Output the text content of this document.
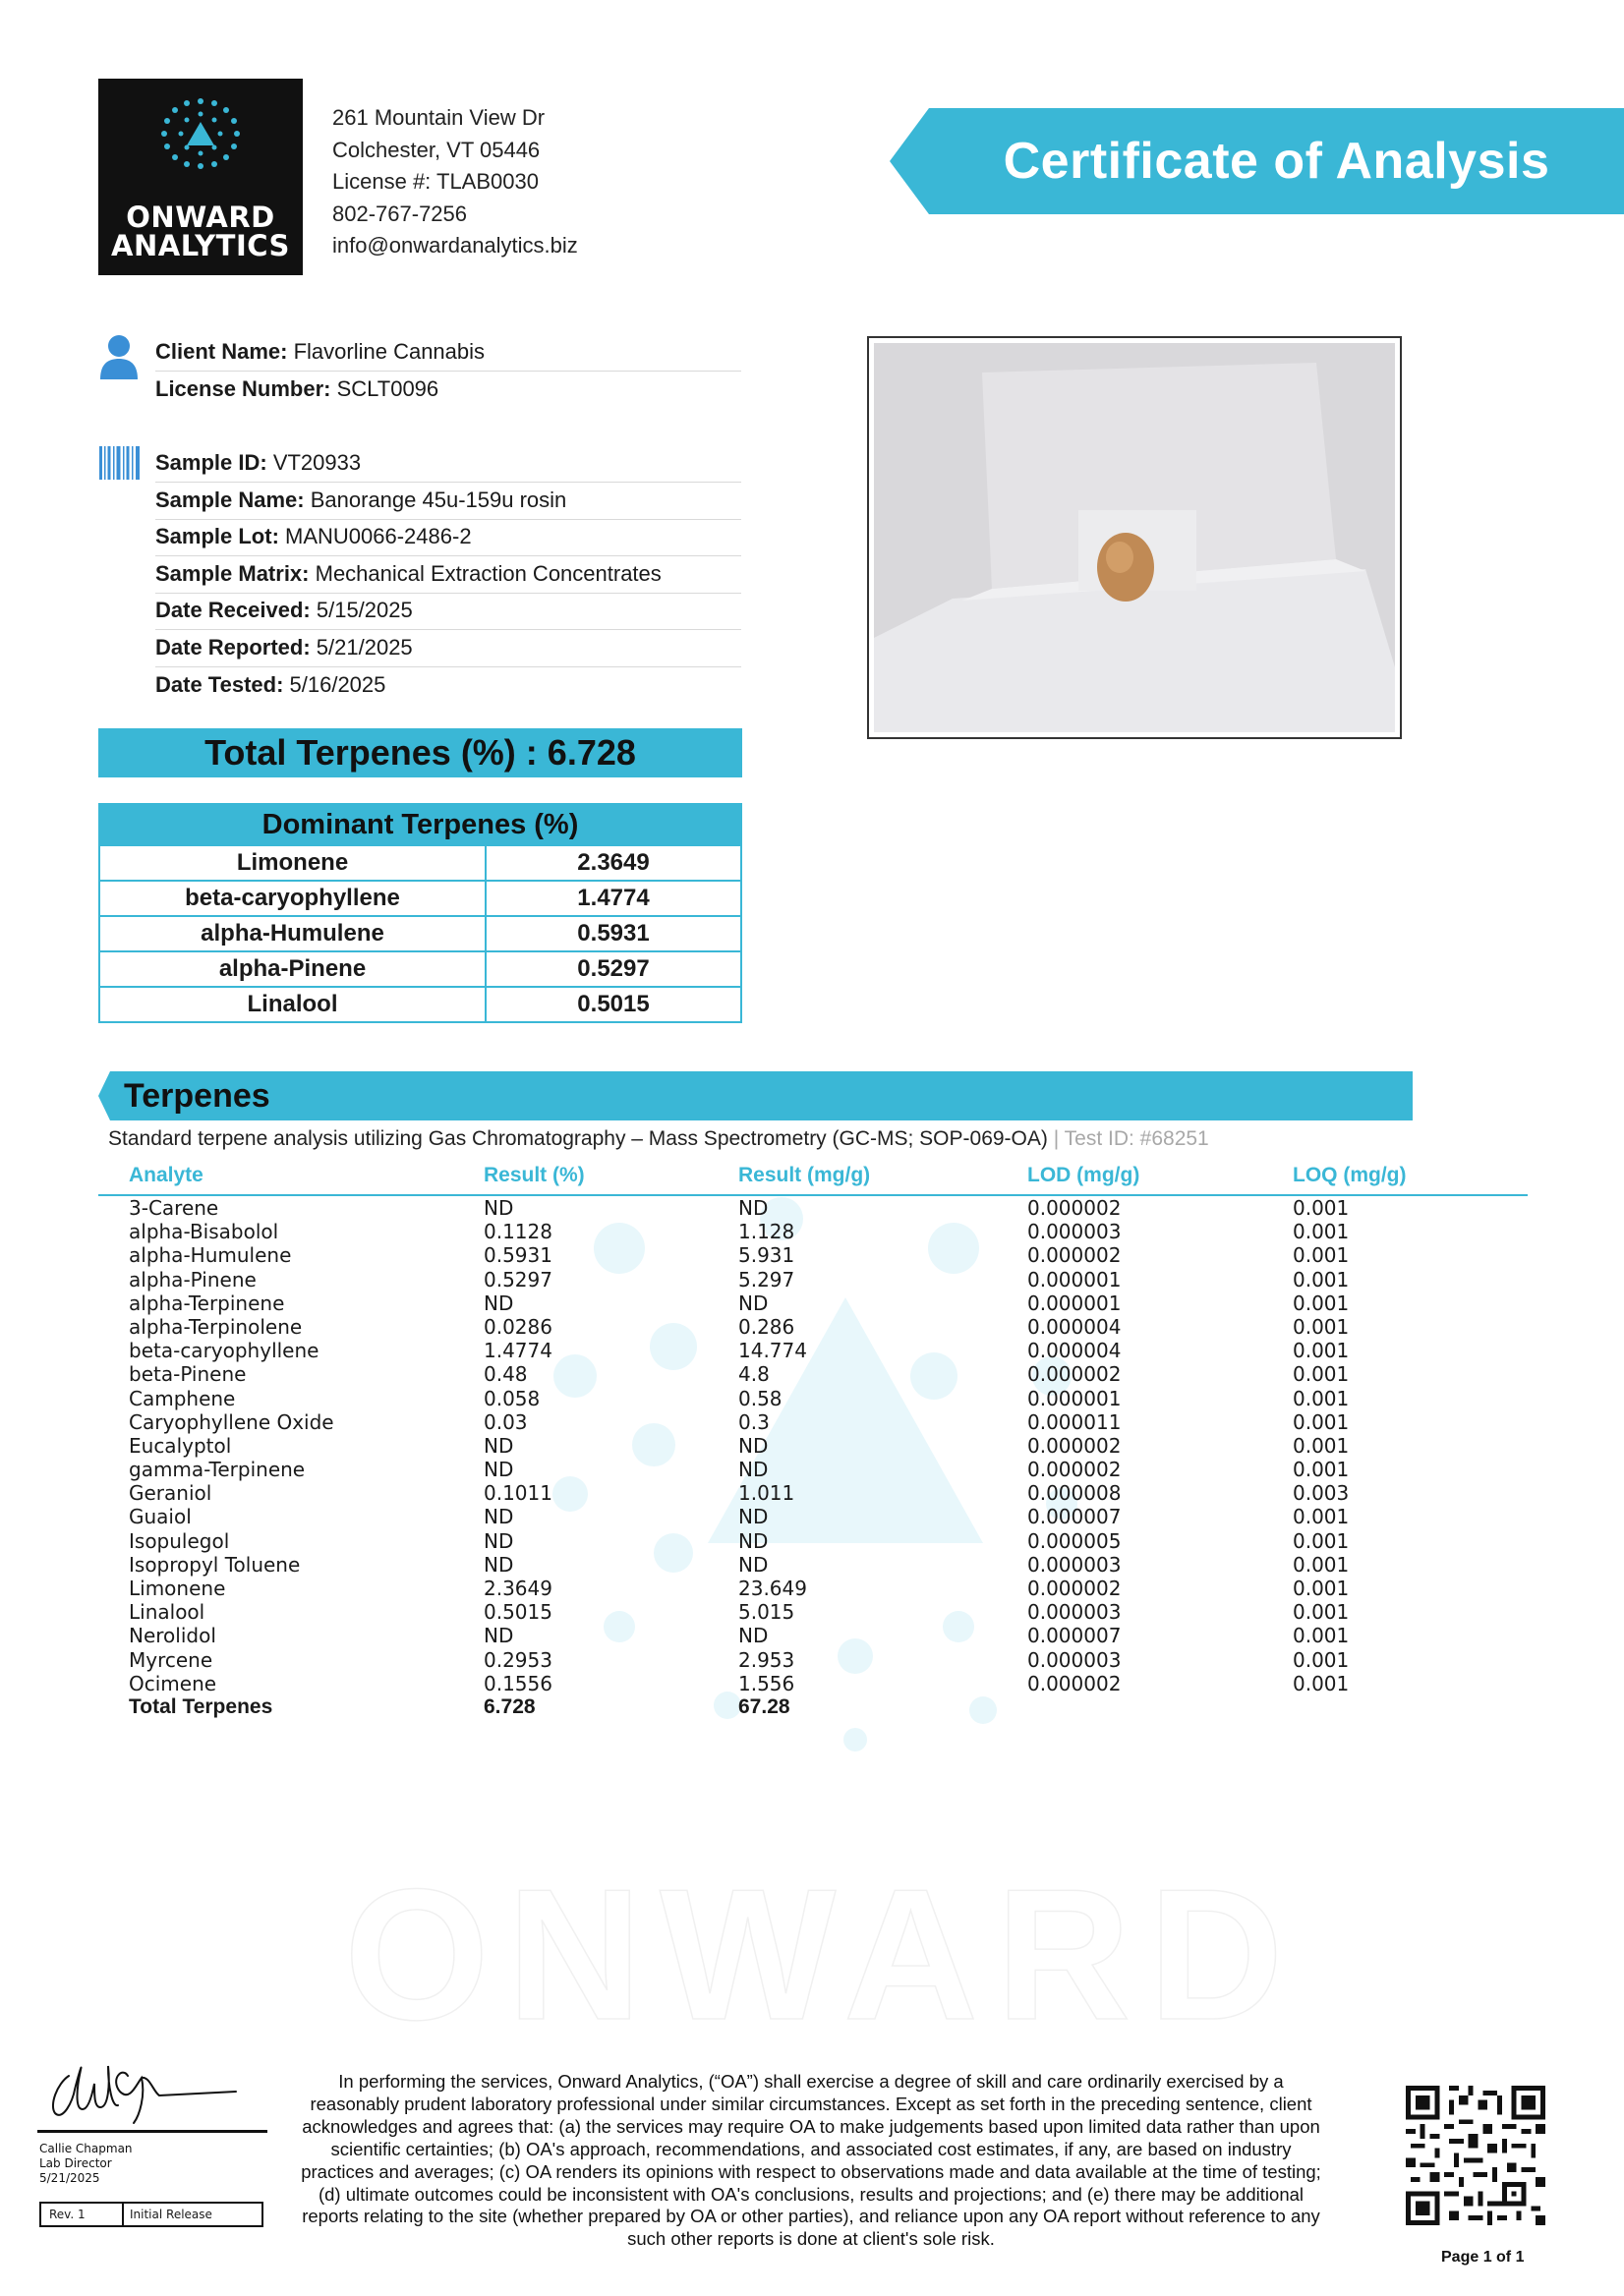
ONWARD
ANALYTICS
261 Mountain View Dr
Colchester, VT 05446
License #: TLAB0030
802-767-7256
info@onwardanalytics.biz
Certificate of Analysis
Client Name: Flavorline Cannabis
License Number: SCLT0096
Sample ID: VT20933
Sample Name: Banorange 45u-159u rosin
Sample Lot: MANU0066-2486-2
Sample Matrix: Mechanical Extraction Concentrates
Date Received: 5/15/2025
Date Reported: 5/21/2025
Date Tested: 5/16/2025
Total Terpenes (%) : 6.728
Dominant Terpenes (%)
Limonene	2.3649
beta-caryophyllene	1.4774
alpha-Humulene	0.5931
alpha-Pinene	0.5297
Linalool	0.5015
Terpenes
Standard terpene analysis utilizing Gas Chromatography – Mass Spectrometry (GC-MS; SOP-069-OA) | Test ID: #68251
ONWARD
Analyte	Result (%)	Result (mg/g)	LOD (mg/g)	LOQ (mg/g)
3-Carene	ND	ND	0.000002	0.001
alpha-Bisabolol	0.1128	1.128	0.000003	0.001
alpha-Humulene	0.5931	5.931	0.000002	0.001
alpha-Pinene	0.5297	5.297	0.000001	0.001
alpha-Terpinene	ND	ND	0.000001	0.001
alpha-Terpinolene	0.0286	0.286	0.000004	0.001
beta-caryophyllene	1.4774	14.774	0.000004	0.001
beta-Pinene	0.48	4.8	0.000002	0.001
Camphene	0.058	0.58	0.000001	0.001
Caryophyllene Oxide	0.03	0.3	0.000011	0.001
Eucalyptol	ND	ND	0.000002	0.001
gamma-Terpinene	ND	ND	0.000002	0.001
Geraniol	0.1011	1.011	0.000008	0.003
Guaiol	ND	ND	0.000007	0.001
Isopulegol	ND	ND	0.000005	0.001
Isopropyl Toluene	ND	ND	0.000003	0.001
Limonene	2.3649	23.649	0.000002	0.001
Linalool	0.5015	5.015	0.000003	0.001
Nerolidol	ND	ND	0.000007	0.001
Myrcene	0.2953	2.953	0.000003	0.001
Ocimene	0.1556	1.556	0.000002	0.001
Total Terpenes	6.728	67.28
Callie Chapman
Lab Director
5/21/2025
Rev. 1	Initial Release
In performing the services, Onward Analytics, (“OA”) shall exercise a degree of skill and care ordinarily exercised by a reasonably prudent laboratory professional under similar circumstances. Except as set forth in the preceding sentence, client acknowledges and agrees that: (a) the services may require OA to make judgements based upon limited data rather than upon scientific certainties; (b) OA's approach, recommendations, and associated cost estimates, if any, are based on industry practices and averages; (c) OA renders its opinions with respect to observations made and data available at the time of testing; (d) ultimate outcomes could be inconsistent with OA's conclusions, results and projections; and (e) there may be additional reports relating to the site (whether prepared by OA or other parties), and reliance upon any OA report without reference to any such other reports is done at client's sole risk.
Page 1 of 1
